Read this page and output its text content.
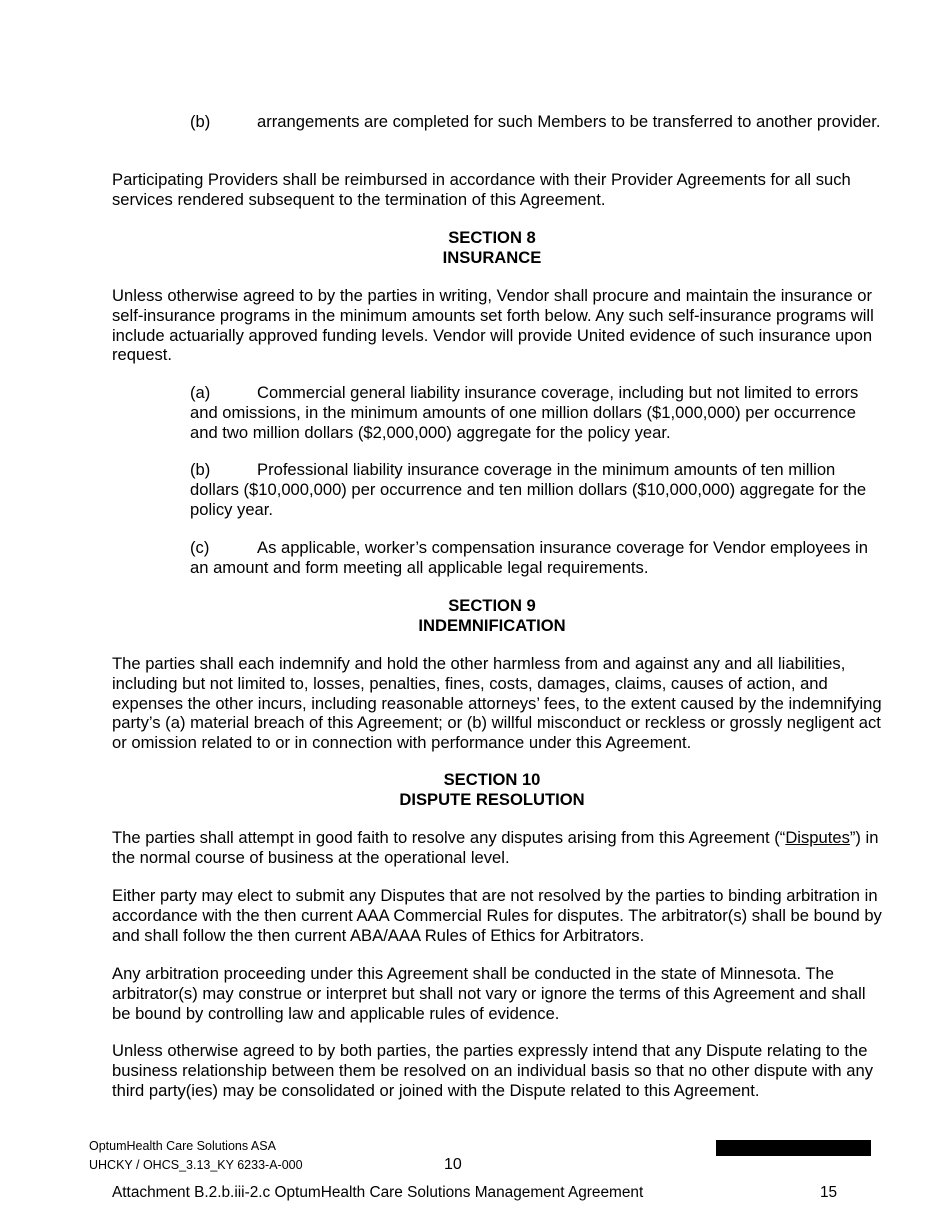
(b)	arrangements are completed for such Members to be transferred to another provider.

Participating Providers shall be reimbursed in accordance with their Provider Agreements for all such services rendered subsequent to the termination of this Agreement.

SECTION 8
INSURANCE

Unless otherwise agreed to by the parties in writing, Vendor shall procure and maintain the insurance or self-insurance programs in the minimum amounts set forth below. Any such self-insurance programs will include actuarially approved funding levels. Vendor will provide United evidence of such insurance upon request.

(a)	Commercial general liability insurance coverage, including but not limited to errors and omissions, in the minimum amounts of one million dollars ($1,000,000) per occurrence and two million dollars ($2,000,000) aggregate for the policy year.

(b)	Professional liability insurance coverage in the minimum amounts of ten million dollars ($10,000,000) per occurrence and ten million dollars ($10,000,000) aggregate for the policy year.

(c)	As applicable, worker’s compensation insurance coverage for Vendor employees in an amount and form meeting all applicable legal requirements.

SECTION 9
INDEMNIFICATION

The parties shall each indemnify and hold the other harmless from and against any and all liabilities, including but not limited to, losses, penalties, fines, costs, damages, claims, causes of action, and expenses the other incurs, including reasonable attorneys’ fees, to the extent caused by the indemnifying party’s (a) material breach of this Agreement; or (b) willful misconduct or reckless or grossly negligent act or omission related to or in connection with performance under this Agreement.

SECTION 10
DISPUTE RESOLUTION

The parties shall attempt in good faith to resolve any disputes arising from this Agreement (“Disputes”) in the normal course of business at the operational level.

Either party may elect to submit any Disputes that are not resolved by the parties to binding arbitration in accordance with the then current AAA Commercial Rules for disputes. The arbitrator(s) shall be bound by and shall follow the then current ABA/AAA Rules of Ethics for Arbitrators.

Any arbitration proceeding under this Agreement shall be conducted in the state of Minnesota. The arbitrator(s) may construe or interpret but shall not vary or ignore the terms of this Agreement and shall be bound by controlling law and applicable rules of evidence.

Unless otherwise agreed to by both parties, the parties expressly intend that any Dispute relating to the business relationship between them be resolved on an individual basis so that no other dispute with any third party(ies) may be consolidated or joined with the Dispute related to this Agreement.

OptumHealth Care Solutions ASA
UHCKY / OHCS_3.13_KY 6233-A-000	10
Attachment B.2.b.iii-2.c OptumHealth Care Solutions Management Agreement	15
